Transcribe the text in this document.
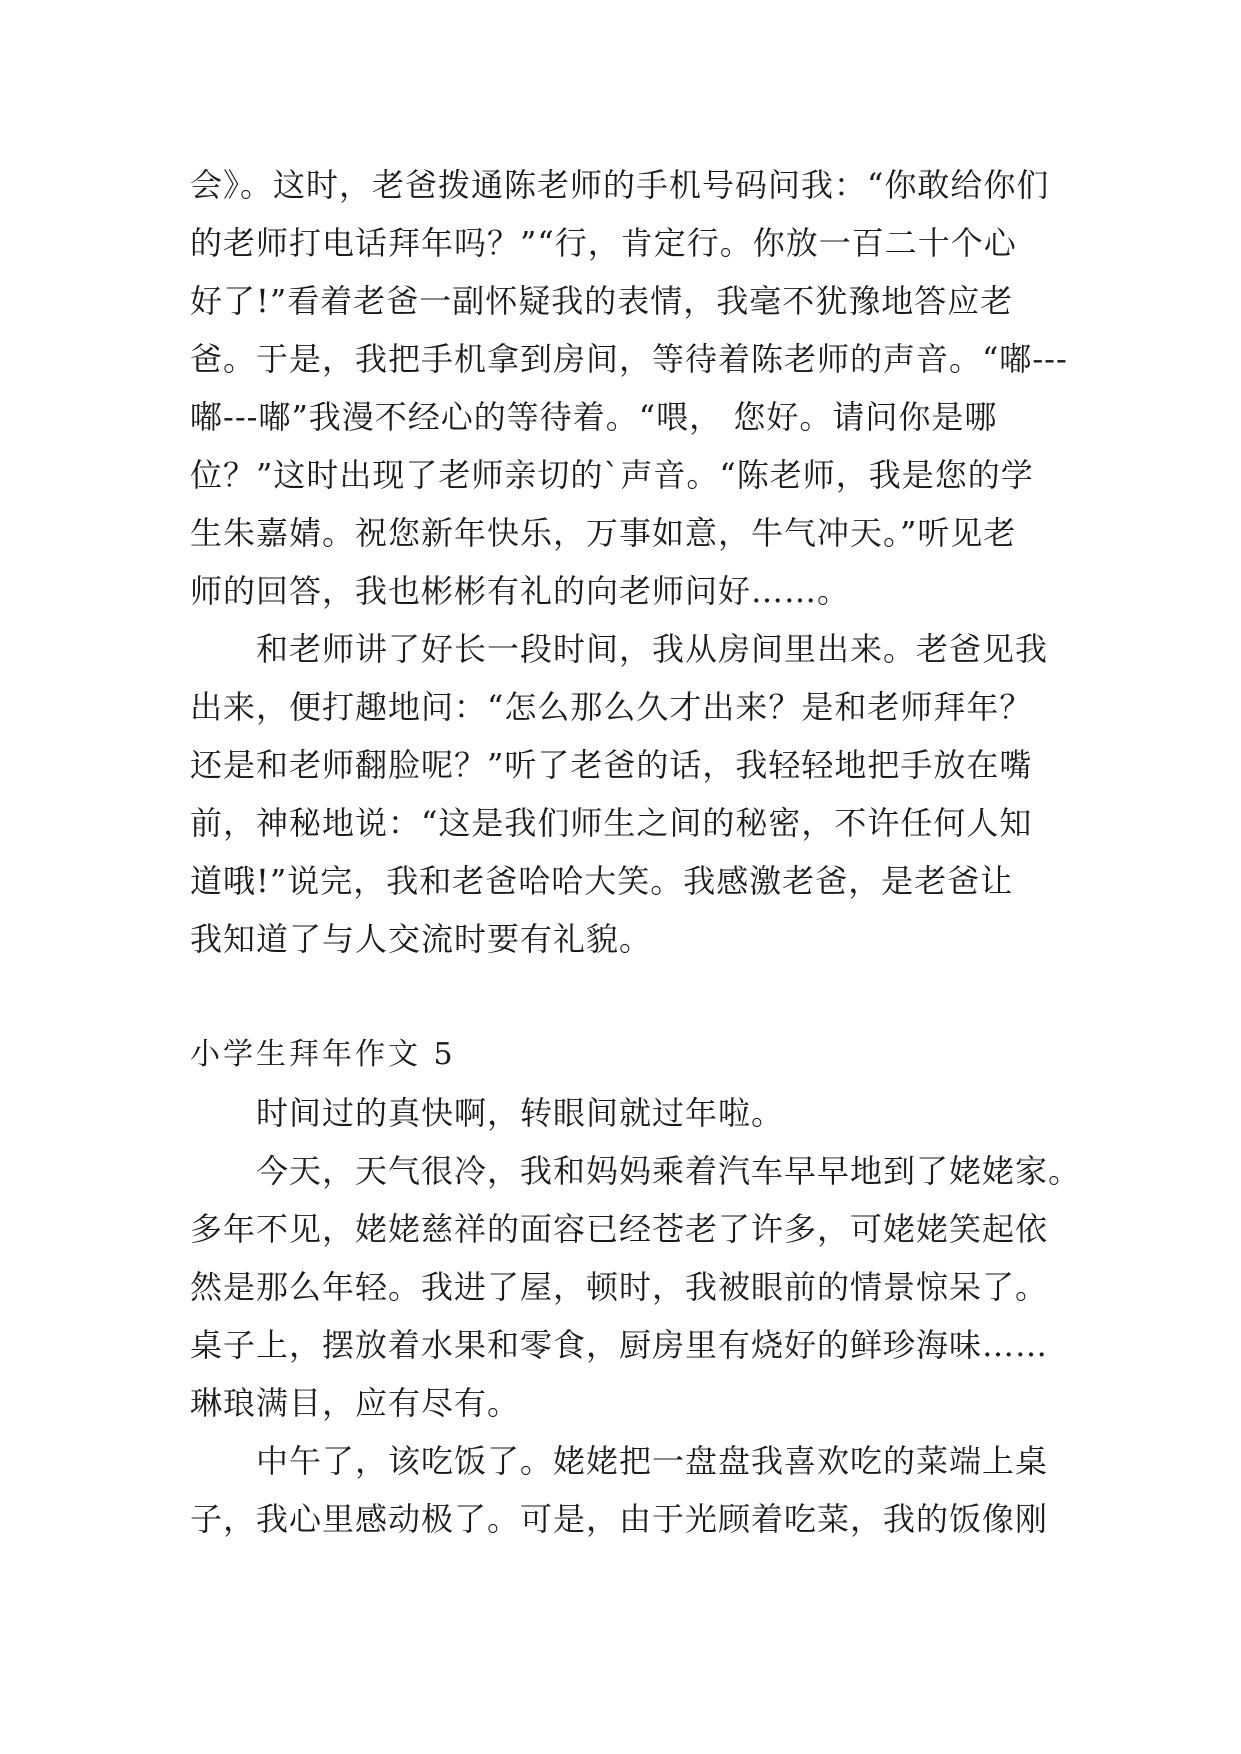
会》。这时，老爸拨通陈老师的手机号码问我：“你敢给你们
的老师打电话拜年吗？”“行，肯定行。你放一百二十个心
好了!”看着老爸一副怀疑我的表情，我毫不犹豫地答应老
爸。于是，我把手机拿到房间，等待着陈老师的声音。“嘟---
嘟---嘟”我漫不经心的等待着。“喂， 您好。请问你是哪
位？”这时出现了老师亲切的`声音。“陈老师，我是您的学
生朱嘉婧。祝您新年快乐，万事如意，牛气冲天。”听见老
师的回答，我也彬彬有礼的向老师问好……。
和老师讲了好长一段时间，我从房间里出来。老爸见我
出来，便打趣地问：“怎么那么久才出来？是和老师拜年？
还是和老师翻脸呢？”听了老爸的话，我轻轻地把手放在嘴
前，神秘地说：“这是我们师生之间的秘密，不许任何人知
道哦!”说完，我和老爸哈哈大笑。我感激老爸，是老爸让
我知道了与人交流时要有礼貌。
小学生拜年作文 5
时间过的真快啊，转眼间就过年啦。
今天，天气很冷，我和妈妈乘着汽车早早地到了姥姥家。
多年不见，姥姥慈祥的面容已经苍老了许多，可姥姥笑起依
然是那么年轻。我进了屋，顿时，我被眼前的情景惊呆了。
桌子上，摆放着水果和零食，厨房里有烧好的鲜珍海味……
琳琅满目，应有尽有。
中午了，该吃饭了。姥姥把一盘盘我喜欢吃的菜端上桌
子，我心里感动极了。可是，由于光顾着吃菜，我的饭像刚
